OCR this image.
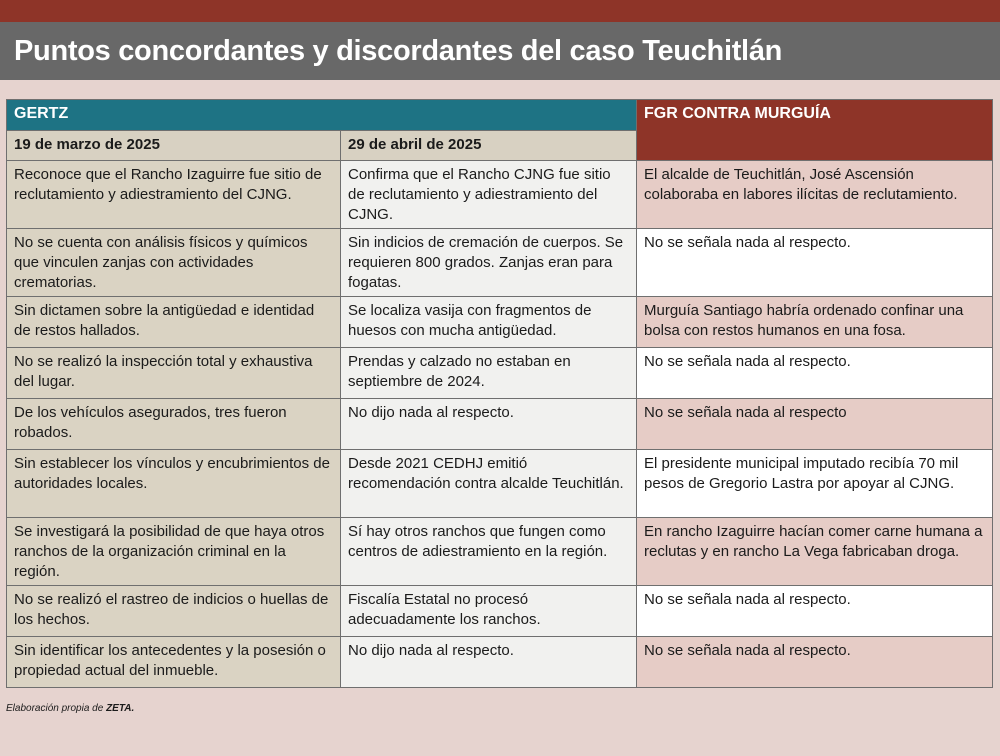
Puntos concordantes y discordantes del caso Teuchitlán
GERTZ		FGR CONTRA MURGUÍA
19 de marzo de 2025	29 de abril de 2025	
Reconoce que el Rancho Izaguirre fue sitio de reclutamiento y adiestramiento del CJNG.	Confirma que el Rancho CJNG fue sitio de reclutamiento y adiestramiento del CJNG.	El alcalde de Teuchitlán, José Ascensión colaboraba en labores ilícitas de reclutamiento.
No se cuenta con análisis físicos y químicos que vinculen zanjas con actividades crematorias.	Sin indicios de cremación de cuerpos. Se requieren 800 grados. Zanjas eran para fogatas.	No se señala nada al respecto.
Sin dictamen sobre la antigüedad e identidad de restos hallados.	Se localiza vasija con fragmentos de huesos con mucha antigüedad.	Murguía Santiago habría ordenado confinar una bolsa con restos humanos en una fosa.
No se realizó la inspección total y exhaustiva del lugar.	Prendas y calzado no estaban en septiembre de 2024.	No se señala nada al respecto.
De los vehículos asegurados, tres fueron robados.	No dijo nada al respecto.	No se señala nada al respecto
Sin establecer los vínculos y encubrimientos de autoridades locales.	Desde 2021 CEDHJ emitió recomendación contra alcalde Teuchitlán.	El presidente municipal imputado recibía 70 mil pesos de Gregorio Lastra por apoyar al CJNG.
Se investigará la posibilidad de que haya otros ranchos de la organización criminal en la región.	Sí hay otros ranchos que fungen como centros de adiestramiento en la región.	En rancho Izaguirre hacían comer carne humana a reclutas y en rancho La Vega fabricaban droga.
No se realizó el rastreo de indicios o huellas de los hechos.	Fiscalía Estatal no procesó adecuadamente los ranchos.	No se señala nada al respecto.
Sin identificar los antecedentes y la posesión o propiedad actual del inmueble.	No dijo nada al respecto.	No se señala nada al respecto.
Elaboración propia de ZETA.
